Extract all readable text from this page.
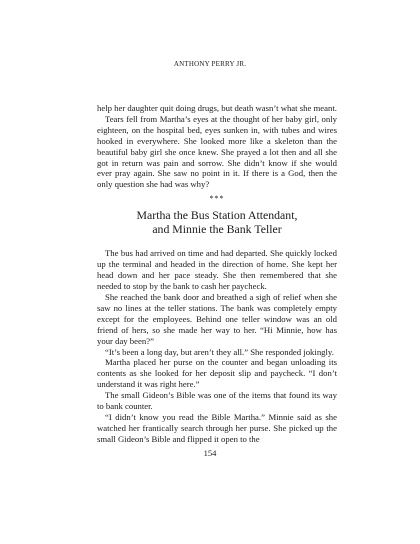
ANTHONY PERRY JR.

help her daughter quit doing drugs, but death wasn’t what she meant.

Tears fell from Martha’s eyes at the thought of her baby girl, only eighteen, on the hospital bed, eyes sunken in, with tubes and wires hooked in everywhere. She looked more like a skeleton than the beautiful baby girl she once knew. She prayed a lot then and all she got in return was pain and sorrow. She didn’t know if she would ever pray again. She saw no point in it. If there is a God, then the only question she had was why?

***
Martha the Bus Station Attendant,
and Minnie the Bank Teller

The bus had arrived on time and had departed. She quickly locked up the terminal and headed in the direction of home. She kept her head down and her pace steady. She then remembered that she needed to stop by the bank to cash her paycheck.

She reached the bank door and breathed a sigh of relief when she saw no lines at the teller stations. The bank was completely empty except for the employees. Behind one teller window was an old friend of hers, so she made her way to her. “Hi Minnie, how has your day been?”

“It’s been a long day, but aren’t they all.” She responded jokingly.

Martha placed her purse on the counter and began unloading its contents as she looked for her deposit slip and paycheck. “I don’t understand it was right here.”

The small Gideon’s Bible was one of the items that found its way to bank counter.

“I didn’t know you read the Bible Martha.” Minnie said as she watched her frantically search through her purse. She picked up the small Gideon’s Bible and flipped it open to the

154
